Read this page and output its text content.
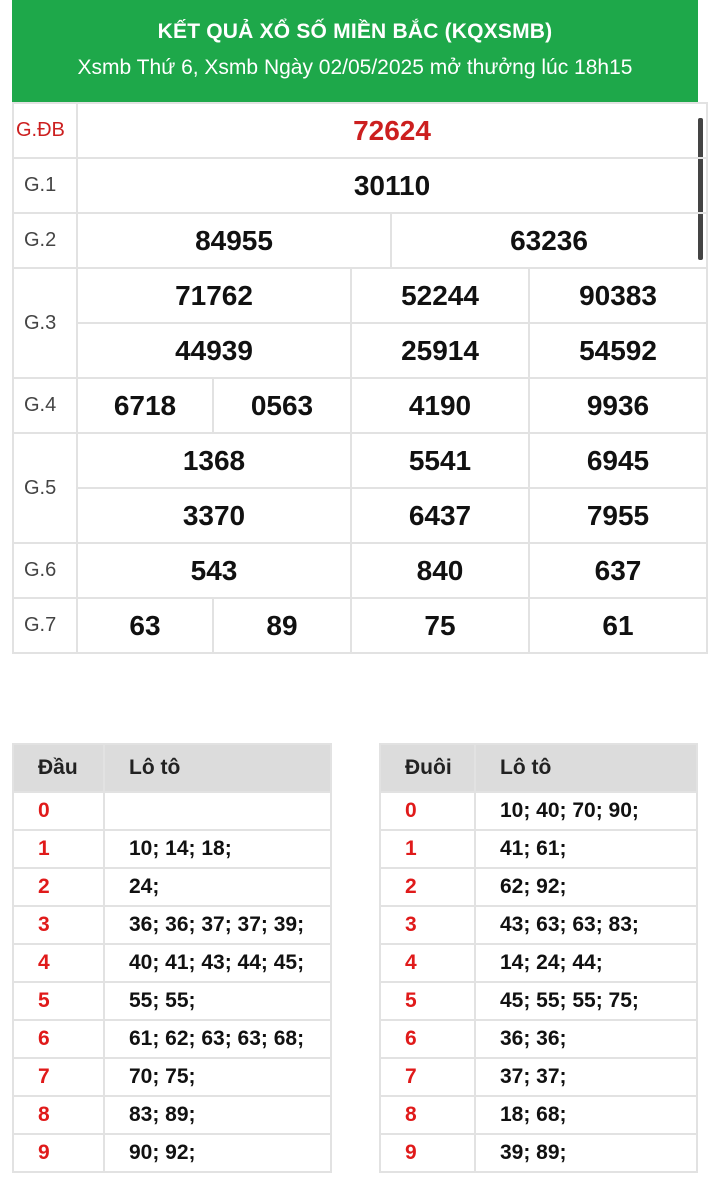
KẾT QUẢ XỔ SỐ MIỀN BẮC (KQXSMB)
Xsmb Thứ 6, Xsmb Ngày 02/05/2025 mở thưởng lúc 18h15
G.ĐB	72624				
G.1	30110				
G.2	84955			63236	
G.3	71762		52244		90383
	44939		25914		54592
G.4	6718	0563	4190		9936
G.5	1368		5541		6945
	3370		6437		7955
G.6	543		840		637
G.7	63	89	75		61
Đầu	Lô tô
0	
1	10; 14; 18;
2	24;
3	36; 36; 37; 37; 39;
4	40; 41; 43; 44; 45;
5	55; 55;
6	61; 62; 63; 63; 68;
7	70; 75;
8	83; 89;
9	90; 92;
Đuôi	Lô tô
0	10; 40; 70; 90;
1	41; 61;
2	62; 92;
3	43; 63; 63; 83;
4	14; 24; 44;
5	45; 55; 55; 75;
6	36; 36;
7	37; 37;
8	18; 68;
9	39; 89;
